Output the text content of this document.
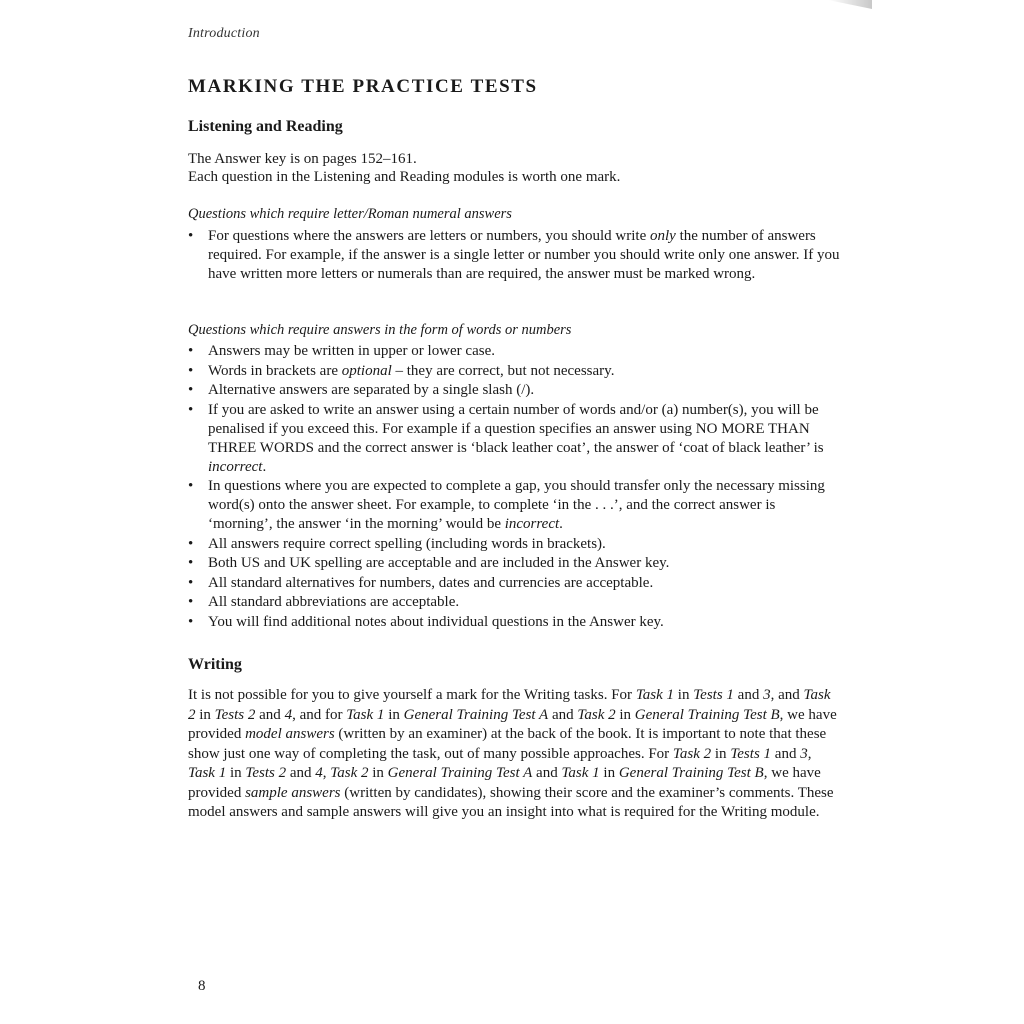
Introduction
MARKING THE PRACTICE TESTS
Listening and Reading
The Answer key is on pages 152–161.
Each question in the Listening and Reading modules is worth one mark.
Questions which require letter/Roman numeral answers
• For questions where the answers are letters or numbers, you should write only the number of answers required. For example, if the answer is a single letter or number you should write only one answer. If you have written more letters or numerals than are required, the answer must be marked wrong.
Questions which require answers in the form of words or numbers
• Answers may be written in upper or lower case.
• Words in brackets are optional – they are correct, but not necessary.
• Alternative answers are separated by a single slash (/).
• If you are asked to write an answer using a certain number of words and/or (a) number(s), you will be penalised if you exceed this. For example if a question specifies an answer using NO MORE THAN THREE WORDS and the correct answer is ‘black leather coat’, the answer of ‘coat of black leather’ is incorrect.
• In questions where you are expected to complete a gap, you should transfer only the necessary missing word(s) onto the answer sheet. For example, to complete ‘in the . . .’, and the correct answer is ‘morning’, the answer ‘in the morning’ would be incorrect.
• All answers require correct spelling (including words in brackets).
• Both US and UK spelling are acceptable and are included in the Answer key.
• All standard alternatives for numbers, dates and currencies are acceptable.
• All standard abbreviations are acceptable.
• You will find additional notes about individual questions in the Answer key.
Writing
It is not possible for you to give yourself a mark for the Writing tasks. For Task 1 in Tests 1 and 3, and Task 2 in Tests 2 and 4, and for Task 1 in General Training Test A and Task 2 in General Training Test B, we have provided model answers (written by an examiner) at the back of the book. It is important to note that these show just one way of completing the task, out of many possible approaches. For Task 2 in Tests 1 and 3, Task 1 in Tests 2 and 4, Task 2 in General Training Test A and Task 1 in General Training Test B, we have provided sample answers (written by candidates), showing their score and the examiner’s comments. These model answers and sample answers will give you an insight into what is required for the Writing module.
8
